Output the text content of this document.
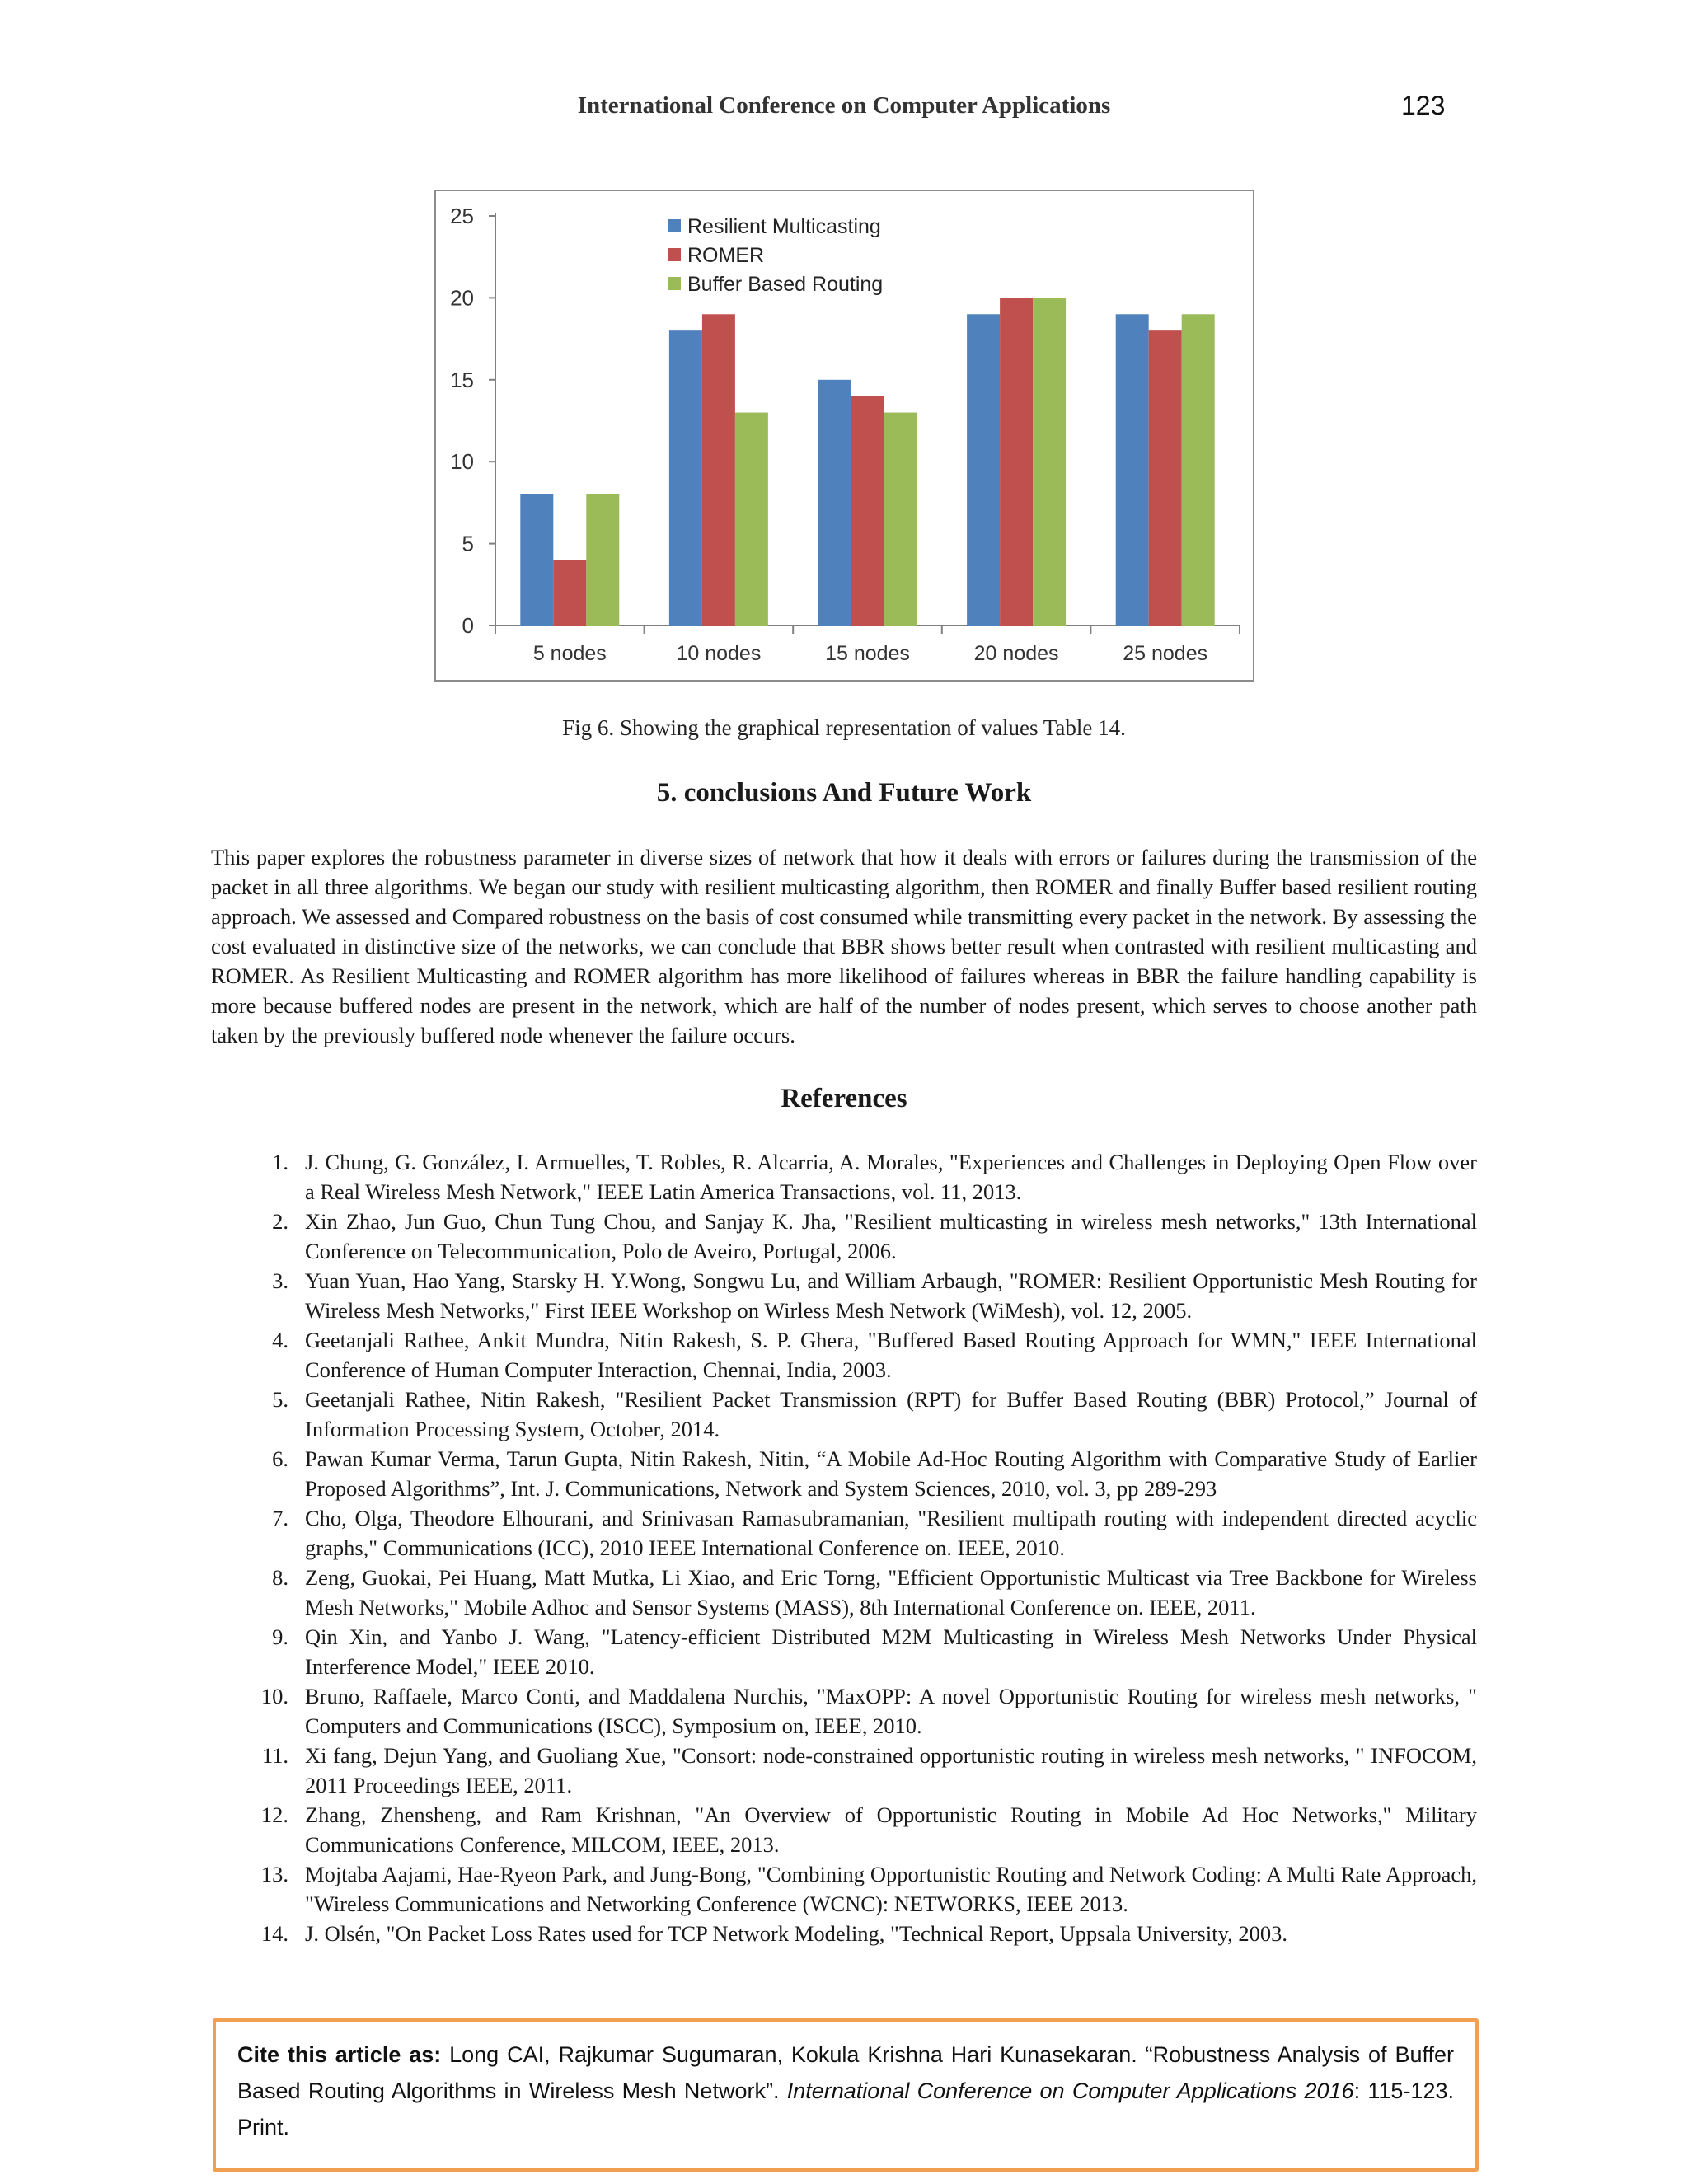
International Conference on Computer Applications	123
0
5
10
15
20
25
5 nodes	10 nodes	15 nodes	20 nodes	25 nodes
Resilient Multicasting
ROMER
Buffer Based Routing
Fig 6. Showing the graphical representation of values Table 14.
5. conclusions And Future Work
This paper explores the robustness parameter in diverse sizes of network that how it deals with errors or failures during the transmission of the packet in all three algorithms. We began our study with resilient multicasting algorithm, then ROMER and finally Buffer based resilient routing approach. We assessed and Compared robustness on the basis of cost consumed while transmitting every packet in the network. By assessing the cost evaluated in distinctive size of the networks, we can conclude that BBR shows better result when contrasted with resilient multicasting and ROMER. As Resilient Multicasting and ROMER algorithm has more likelihood of failures whereas in BBR the failure handling capability is more because buffered nodes are present in the network, which are half of the number of nodes present, which serves to choose another path taken by the previously buffered node whenever the failure occurs.
References
1. J. Chung, G. González, I. Armuelles, T. Robles, R. Alcarria, A. Morales, "Experiences and Challenges in Deploying Open Flow over a Real Wireless Mesh Network," IEEE Latin America Transactions, vol. 11, 2013.
2. Xin Zhao, Jun Guo, Chun Tung Chou, and Sanjay K. Jha, "Resilient multicasting in wireless mesh networks," 13th International Conference on Telecommunication, Polo de Aveiro, Portugal, 2006.
3. Yuan Yuan, Hao Yang, Starsky H. Y.Wong, Songwu Lu, and William Arbaugh, "ROMER: Resilient Opportunistic Mesh Routing for Wireless Mesh Networks," First IEEE Workshop on Wirless Mesh Network (WiMesh), vol. 12, 2005.
4. Geetanjali Rathee, Ankit Mundra, Nitin Rakesh, S. P. Ghera, "Buffered Based Routing Approach for WMN," IEEE International Conference of Human Computer Interaction, Chennai, India, 2003.
5. Geetanjali Rathee, Nitin Rakesh, "Resilient Packet Transmission (RPT) for Buffer Based Routing (BBR) Protocol,” Journal of Information Processing System, October, 2014.
6. Pawan Kumar Verma, Tarun Gupta, Nitin Rakesh, Nitin, “A Mobile Ad-Hoc Routing Algorithm with Comparative Study of Earlier Proposed Algorithms”, Int. J. Communications, Network and System Sciences, 2010, vol. 3, pp 289-293
7. Cho, Olga, Theodore Elhourani, and Srinivasan Ramasubramanian, "Resilient multipath routing with independent directed acyclic graphs," Communications (ICC), 2010 IEEE International Conference on. IEEE, 2010.
8. Zeng, Guokai, Pei Huang, Matt Mutka, Li Xiao, and Eric Torng, "Efficient Opportunistic Multicast via Tree Backbone for Wireless Mesh Networks," Mobile Adhoc and Sensor Systems (MASS), 8th International Conference on. IEEE, 2011.
9. Qin Xin, and Yanbo J. Wang, "Latency-efficient Distributed M2M Multicasting in Wireless Mesh Networks Under Physical Interference Model," IEEE 2010.
10. Bruno, Raffaele, Marco Conti, and Maddalena Nurchis, "MaxOPP: A novel Opportunistic Routing for wireless mesh networks, " Computers and Communications (ISCC), Symposium on, IEEE, 2010.
11. Xi fang, Dejun Yang, and Guoliang Xue, "Consort: node-constrained opportunistic routing in wireless mesh networks, " INFOCOM, 2011 Proceedings IEEE, 2011.
12. Zhang, Zhensheng, and Ram Krishnan, "An Overview of Opportunistic Routing in Mobile Ad Hoc Networks," Military Communications Conference, MILCOM, IEEE, 2013.
13. Mojtaba Aajami, Hae-Ryeon Park, and Jung-Bong, "Combining Opportunistic Routing and Network Coding: A Multi Rate Approach, "Wireless Communications and Networking Conference (WCNC): NETWORKS, IEEE 2013.
14. J. Olsén, "On Packet Loss Rates used for TCP Network Modeling, "Technical Report, Uppsala University, 2003.
Cite this article as: Long CAI, Rajkumar Sugumaran, Kokula Krishna Hari Kunasekaran. “Robustness Analysis of Buffer Based Routing Algorithms in Wireless Mesh Network”. International Conference on Computer Applications 2016: 115-123. Print.
